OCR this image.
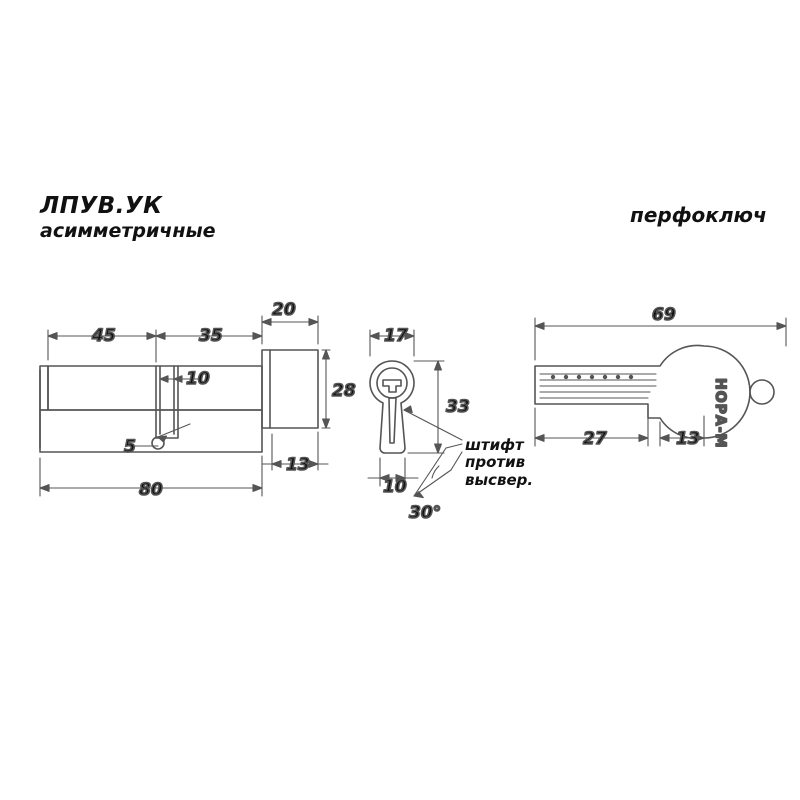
ЛПУВ.УК
асимметричные
перфоключ
штифт
против
высвер.
45	35
20
10
28
5
80
13
17
33
10
30°
НОРА-М
69
27	13
